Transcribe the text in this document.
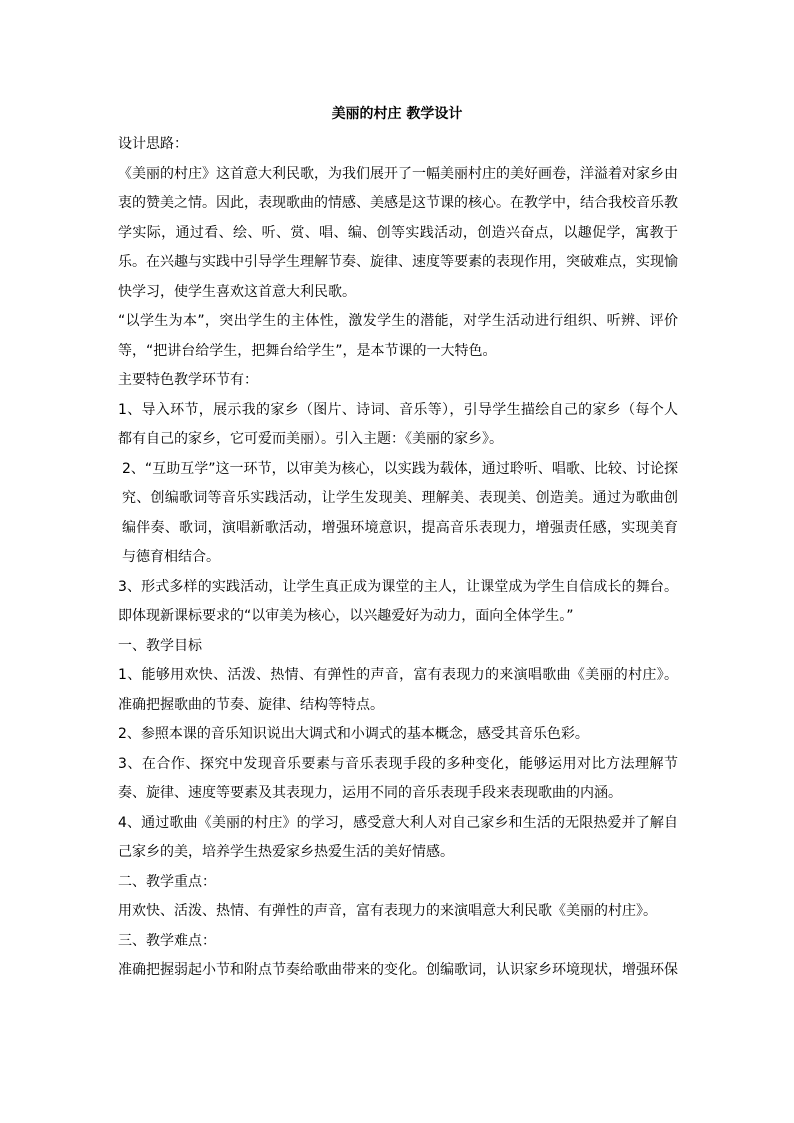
美丽的村庄 教学设计

设计思路：

《美丽的村庄》这首意大利民歌，为我们展开了一幅美丽村庄的美好画卷，洋溢着对家乡由衷的赞美之情。因此，表现歌曲的情感、美感是这节课的核心。在教学中，结合我校音乐教学实际，通过看、绘、听、赏、唱、编、创等实践活动，创造兴奋点，以趣促学，寓教于乐。在兴趣与实践中引导学生理解节奏、旋律、速度等要素的表现作用，突破难点，实现愉快学习，使学生喜欢这首意大利民歌。

“以学生为本”，突出学生的主体性，激发学生的潜能，对学生活动进行组织、听辨、评价等，“把讲台给学生，把舞台给学生”，是本节课的一大特色。

主要特色教学环节有：

1、导入环节，展示我的家乡（图片、诗词、音乐等），引导学生描绘自己的家乡（每个人都有自己的家乡，它可爱而美丽）。引入主题：《美丽的家乡》。

2、“互助互学”这一环节，以审美为核心，以实践为载体，通过聆听、唱歌、比较、讨论探究、创编歌词等音乐实践活动，让学生发现美、理解美、表现美、创造美。通过为歌曲创编伴奏、歌词，演唱新歌活动，增强环境意识，提高音乐表现力，增强责任感，实现美育与德育相结合。

3、形式多样的实践活动，让学生真正成为课堂的主人，让课堂成为学生自信成长的舞台。即体现新课标要求的“以审美为核心，以兴趣爱好为动力，面向全体学生。”

一、教学目标

1、能够用欢快、活泼、热情、有弹性的声音，富有表现力的来演唱歌曲《美丽的村庄》。准确把握歌曲的节奏、旋律、结构等特点。

2、参照本课的音乐知识说出大调式和小调式的基本概念，感受其音乐色彩。

3、在合作、探究中发现音乐要素与音乐表现手段的多种变化，能够运用对比方法理解节奏、旋律、速度等要素及其表现力，运用不同的音乐表现手段来表现歌曲的内涵。

4、通过歌曲《美丽的村庄》的学习，感受意大利人对自己家乡和生活的无限热爱并了解自己家乡的美，培养学生热爱家乡热爱生活的美好情感。

二、教学重点：

用欢快、活泼、热情、有弹性的声音，富有表现力的来演唱意大利民歌《美丽的村庄》。

三、教学难点：

准确把握弱起小节和附点节奏给歌曲带来的变化。创编歌词，认识家乡环境现状，增强环保
